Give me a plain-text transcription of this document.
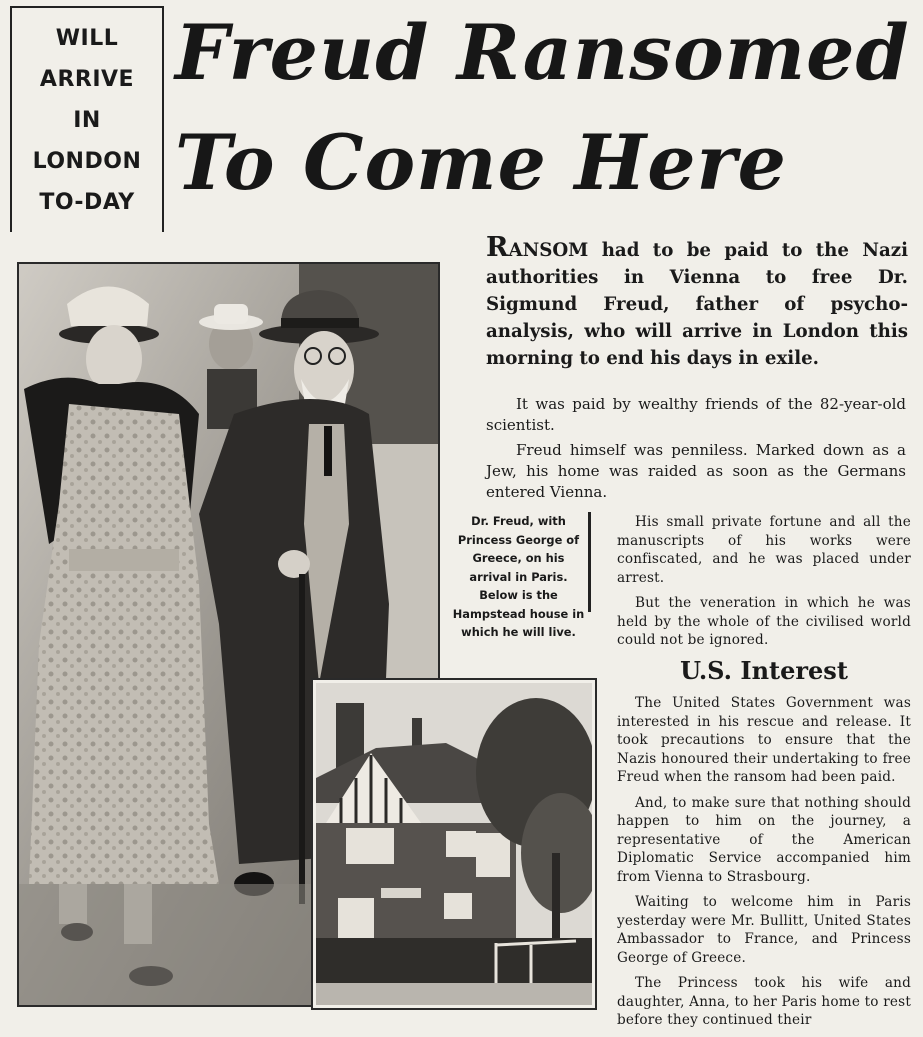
WILL
ARRIVE
IN
LONDON
TO-DAY
Freud Ransomed
To Come Here
Dr. Freud, with Princess George of Greece, on his arrival in Paris. Below is the Hampstead house in which he will live.
RANSOM had to be paid to the Nazi authorities in Vienna to free Dr. Sigmund Freud, father of psycho-analysis, who will arrive in London this morning to end his days in exile.
It was paid by wealthy friends of the 82-year-old scientist.
Freud himself was penniless. Marked down as a Jew, his home was raided as soon as the Germans entered Vienna.

His small private fortune and all the manuscripts of his works were confiscated, and he was placed under arrest.

But the veneration in which he was held by the whole of the civilised world could not be ignored.

U.S. Interest

The United States Government was interested in his rescue and release. It took precautions to ensure that the Nazis honoured their undertaking to free Freud when the ransom had been paid.

And, to make sure that nothing should happen to him on the journey, a representative of the American Diplomatic Service accompanied him from Vienna to Strasbourg.

Waiting to welcome him in Paris yesterday were Mr. Bullitt, United States Ambassador to France, and Princess George of Greece.

The Princess took his wife and daughter, Anna, to her Paris home to rest before they continued their
